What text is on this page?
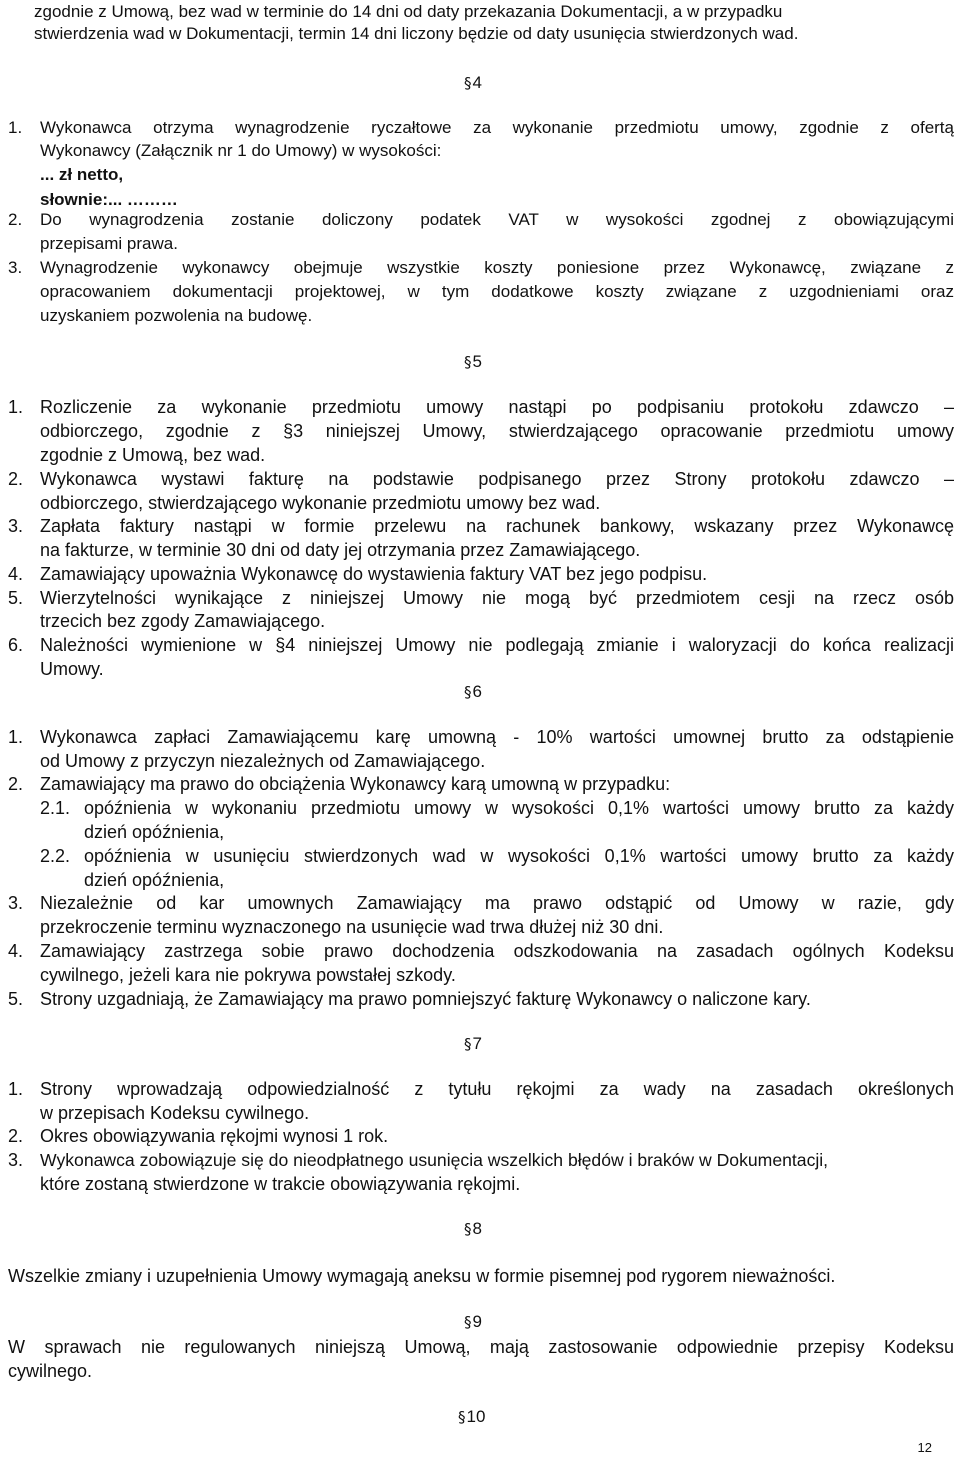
zgodnie z Umową, bez wad w terminie do 14 dni od daty przekazania Dokumentacji, a w przypadku
stwierdzenia wad w Dokumentacji, termin 14 dni liczony będzie od daty usunięcia stwierdzonych wad.
§4
1. Wykonawca otrzyma wynagrodzenie ryczałtowe za wykonanie przedmiotu umowy, zgodnie z ofertą
Wykonawcy (Załącznik nr 1 do Umowy) w wysokości:
... zł netto,
słownie:... ………
2. Do wynagrodzenia zostanie doliczony podatek VAT w wysokości zgodnej z obowiązującymi
przepisami prawa.
3. Wynagrodzenie wykonawcy obejmuje wszystkie koszty poniesione przez Wykonawcę, związane z
opracowaniem dokumentacji projektowej, w tym dodatkowe koszty związane z uzgodnieniami oraz
uzyskaniem pozwolenia na budowę.
§5
1. Rozliczenie za wykonanie przedmiotu umowy nastąpi po podpisaniu protokołu zdawczo –
odbiorczego, zgodnie z §3 niniejszej Umowy, stwierdzającego opracowanie przedmiotu umowy
zgodnie z Umową, bez wad.
2. Wykonawca wystawi fakturę na podstawie podpisanego przez Strony protokołu zdawczo –
odbiorczego, stwierdzającego wykonanie przedmiotu umowy bez wad.
3. Zapłata faktury nastąpi w formie przelewu na rachunek bankowy, wskazany przez Wykonawcę
na fakturze, w terminie 30 dni od daty jej otrzymania przez Zamawiającego.
4. Zamawiający upoważnia Wykonawcę do wystawienia faktury VAT bez jego podpisu.
5. Wierzytelności wynikające z niniejszej Umowy nie mogą być przedmiotem cesji na rzecz osób
trzecich bez zgody Zamawiającego.
6. Należności wymienione w §4 niniejszej Umowy nie podlegają zmianie i waloryzacji do końca realizacji
Umowy.
§6
1. Wykonawca zapłaci Zamawiającemu karę umowną - 10% wartości umownej brutto za odstąpienie
od Umowy z przyczyn niezależnych od Zamawiającego.
2. Zamawiający ma prawo do obciążenia Wykonawcy karą umowną w przypadku:
2.1. opóźnienia w wykonaniu przedmiotu umowy w wysokości 0,1% wartości umowy brutto za każdy
dzień opóźnienia,
2.2. opóźnienia w usunięciu stwierdzonych wad w wysokości 0,1% wartości umowy brutto za każdy
dzień opóźnienia,
3. Niezależnie od kar umownych Zamawiający ma prawo odstąpić od Umowy w razie, gdy
przekroczenie terminu wyznaczonego na usunięcie wad trwa dłużej niż 30 dni.
4. Zamawiający zastrzega sobie prawo dochodzenia odszkodowania na zasadach ogólnych Kodeksu
cywilnego, jeżeli kara nie pokrywa powstałej szkody.
5. Strony uzgadniają, że Zamawiający ma prawo pomniejszyć fakturę Wykonawcy o naliczone kary.
§7
1. Strony wprowadzają odpowiedzialność z tytułu rękojmi za wady na zasadach określonych
w przepisach Kodeksu cywilnego.
2. Okres obowiązywania rękojmi wynosi 1 rok.
3. Wykonawca zobowiązuje się do nieodpłatnego usunięcia wszelkich błędów i braków w Dokumentacji,
które zostaną stwierdzone w trakcie obowiązywania rękojmi.
§8
Wszelkie zmiany i uzupełnienia Umowy wymagają aneksu w formie pisemnej pod rygorem nieważności.
§9
W sprawach nie regulowanych niniejszą Umową, mają zastosowanie odpowiednie przepisy Kodeksu
cywilnego.
§10
12
